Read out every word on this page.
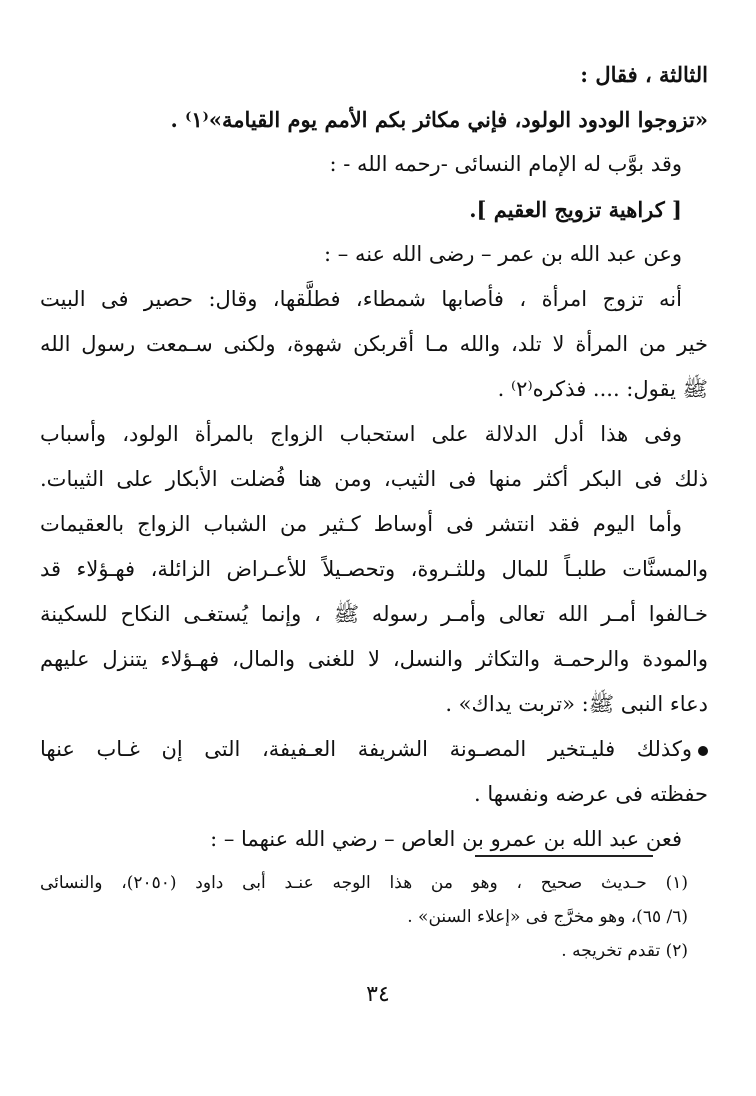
الثالثة ، فقال :
«تزوجوا الودود الولود، فإني مكاثر بكم الأمم يوم القيامة»⁽١⁾ .
وقد بوَّب له الإمام النسائى -رحمه الله - :
[ كراهية تزويج العقيم ].
وعن عبد الله بن عمر – رضى الله عنه – :
أنه تزوج امرأة ، فأصابها شمطاء، فطلَّقها، وقال: حصير فى البيت
خير من المرأة لا تلد، والله مـا أقربكن شهوة، ولكنى سـمعت رسول الله
ﷺ يقول: .... فذكره⁽٢⁾ .
وفى هذا أدل الدلالة على استحباب الزواج بالمرأة الولود، وأسباب
ذلك فى البكر أكثر منها فى الثيب، ومن هنا فُضلت الأبكار على الثيبات.
وأما اليوم فقد انتشر فى أوساط كـثير من الشباب الزواج بالعقيمات
والمسنَّات طلبـاً للمال وللثـروة، وتحصـيلاً للأعـراض الزائلة، فهـؤلاء قد
خـالفوا أمـر الله تعالى وأمـر رسوله ﷺ ، وإنما يُستغـى النكاح للسكينة
والمودة والرحمـة والتكاثر والنسل، لا للغنى والمال، فهـؤلاء يتنزل عليهم
دعاء النبى ﷺ: «تربت يداك» .
وكذلك فليـتخير المصـونة الشريفة العـفيفة، التى إن غـاب عنها
حفظته فى عرضه ونفسها .
فعن عبد الله بن عمرو بن العاص – رضي الله عنهما – :
(١) حـديث صحيح ، وهو من هذا الوجه عنـد أبى داود (٢٠٥٠)، والنسائى
(٦/ ٦٥)، وهو مخرَّج فى «إعلاء السنن» .
(٢) تقدم تخريجه .
٣٤
